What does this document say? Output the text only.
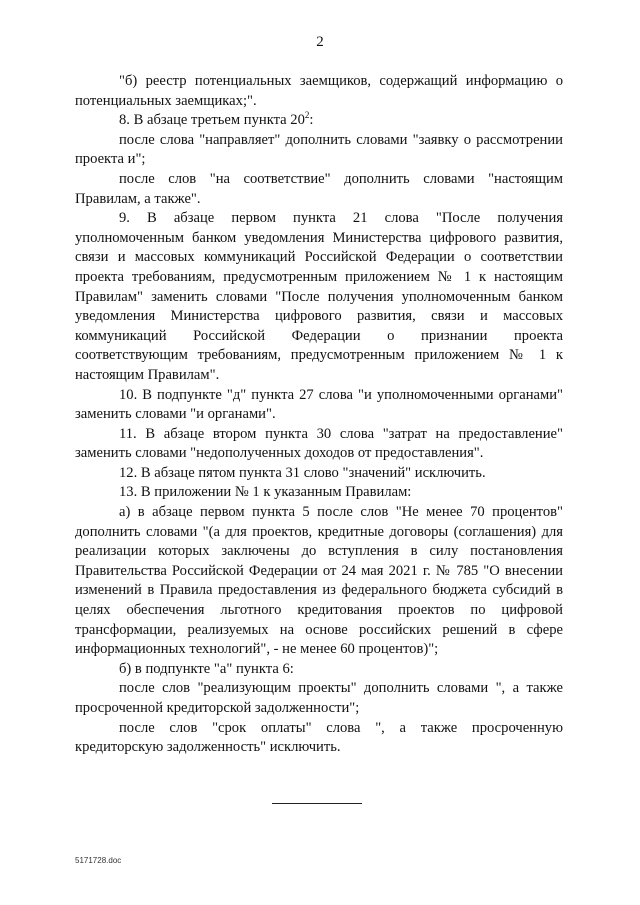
2

"б) реестр потенциальных заемщиков, содержащий информацию о потенциальных заемщиках;".

8. В абзаце третьем пункта $20^2$:

после слова "направляет" дополнить словами "заявку о рассмотрении проекта и";

после слов "на соответствие" дополнить словами "настоящим Правилам, а также".

9. В абзаце первом пункта 21 слова "После получения уполномоченным банком уведомления Министерства цифрового развития, связи и массовых коммуникаций Российской Федерации о соответствии проекта требованиям, предусмотренным приложением № 1 к настоящим Правилам" заменить словами "После получения уполномоченным банком уведомления Министерства цифрового развития, связи и массовых коммуникаций Российской Федерации о признании проекта соответствующим требованиям, предусмотренным приложением № 1 к настоящим Правилам".

10. В подпункте "д" пункта 27 слова "и уполномоченными органами" заменить словами "и органами".

11. В абзаце втором пункта 30 слова "затрат на предоставление" заменить словами "недополученных доходов от предоставления".

12. В абзаце пятом пункта 31 слово "значений" исключить.

13. В приложении № 1 к указанным Правилам:

а) в абзаце первом пункта 5 после слов "Не менее 70 процентов" дополнить словами "(а для проектов, кредитные договоры (соглашения) для реализации которых заключены до вступления в силу постановления Правительства Российской Федерации от 24 мая 2021 г. № 785 "О внесении изменений в Правила предоставления из федерального бюджета субсидий в целях обеспечения льготного кредитования проектов по цифровой трансформации, реализуемых на основе российских решений в сфере информационных технологий", - не менее 60 процентов)";

б) в подпункте "а" пункта 6:

после слов "реализующим проекты" дополнить словами ", а также просроченной кредиторской задолженности";

после слов "срок оплаты" слова ", а также просроченную кредиторскую задолженность" исключить.

5171728.doc
